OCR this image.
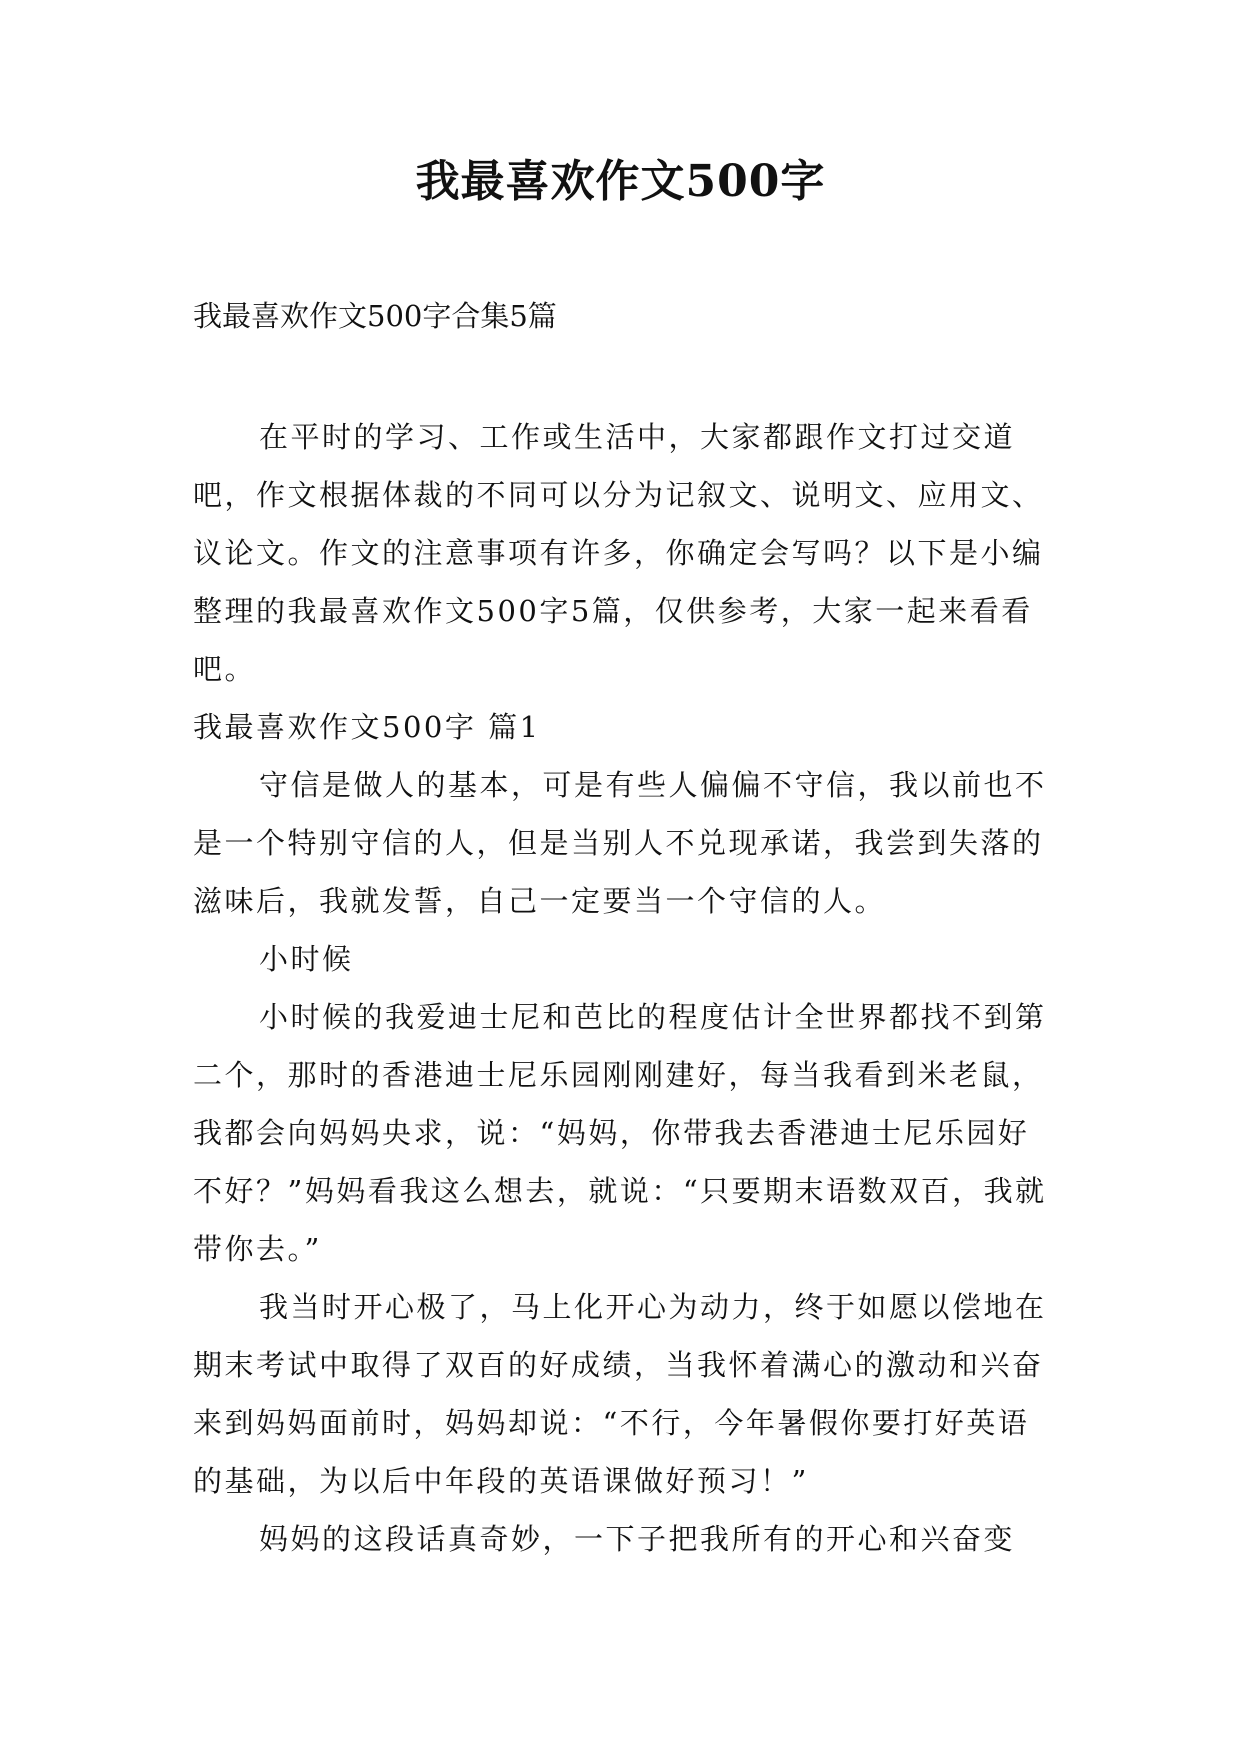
我最喜欢作文500字
我最喜欢作文500字合集5篇

在平时的学习、工作或生活中，大家都跟作文打过交道吧，作文根据体裁的不同可以分为记叙文、说明文、应用文、议论文。作文的注意事项有许多，你确定会写吗？以下是小编整理的我最喜欢作文500字5篇，仅供参考，大家一起来看看吧。

我最喜欢作文500字 篇1

守信是做人的基本，可是有些人偏偏不守信，我以前也不是一个特别守信的人，但是当别人不兑现承诺，我尝到失落的滋味后，我就发誓，自己一定要当一个守信的人。

小时候

小时候的我爱迪士尼和芭比的程度估计全世界都找不到第二个，那时的香港迪士尼乐园刚刚建好，每当我看到米老鼠，我都会向妈妈央求，说：“妈妈，你带我去香港迪士尼乐园好不好？”妈妈看我这么想去，就说：“只要期末语数双百，我就带你去。”

我当时开心极了，马上化开心为动力，终于如愿以偿地在期末考试中取得了双百的好成绩，当我怀着满心的激动和兴奋来到妈妈面前时，妈妈却说：“不行，今年暑假你要打好英语的基础，为以后中年段的英语课做好预习！”

妈妈的这段话真奇妙，一下子把我所有的开心和兴奋变
